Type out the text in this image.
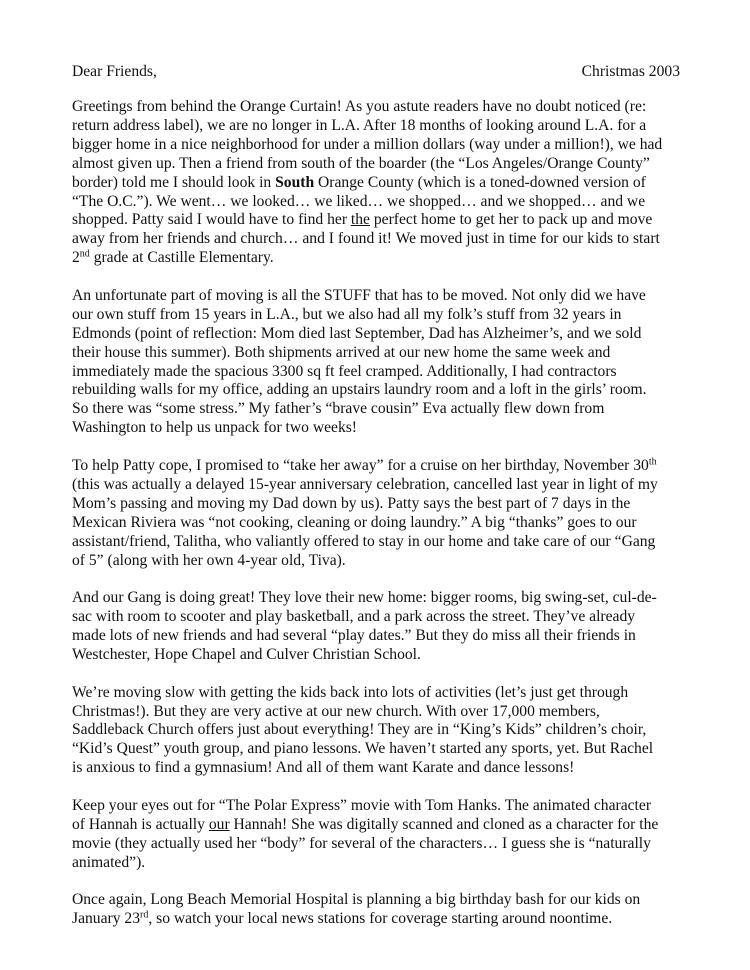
Dear Friends,	Christmas 2003

Greetings from behind the Orange Curtain! As you astute readers have no doubt noticed (re:
return address label), we are no longer in L.A. After 18 months of looking around L.A. for a
bigger home in a nice neighborhood for under a million dollars (way under a million!), we had
almost given up. Then a friend from south of the boarder (the “Los Angeles/Orange County”
border) told me I should look in South Orange County (which is a toned-downed version of
“The O.C.”). We went… we looked… we liked… we shopped… and we shopped… and we
shopped. Patty said I would have to find her the perfect home to get her to pack up and move
away from her friends and church… and I found it! We moved just in time for our kids to start
2nd grade at Castille Elementary.

An unfortunate part of moving is all the STUFF that has to be moved. Not only did we have
our own stuff from 15 years in L.A., but we also had all my folk’s stuff from 32 years in
Edmonds (point of reflection: Mom died last September, Dad has Alzheimer’s, and we sold
their house this summer). Both shipments arrived at our new home the same week and
immediately made the spacious 3300 sq ft feel cramped. Additionally, I had contractors
rebuilding walls for my office, adding an upstairs laundry room and a loft in the girls’ room.
So there was “some stress.” My father’s “brave cousin” Eva actually flew down from
Washington to help us unpack for two weeks!

To help Patty cope, I promised to “take her away” for a cruise on her birthday, November 30th
(this was actually a delayed 15-year anniversary celebration, cancelled last year in light of my
Mom’s passing and moving my Dad down by us). Patty says the best part of 7 days in the
Mexican Riviera was “not cooking, cleaning or doing laundry.” A big “thanks” goes to our
assistant/friend, Talitha, who valiantly offered to stay in our home and take care of our “Gang
of 5” (along with her own 4-year old, Tiva).

And our Gang is doing great! They love their new home: bigger rooms, big swing-set, cul-de-
sac with room to scooter and play basketball, and a park across the street. They’ve already
made lots of new friends and had several “play dates.” But they do miss all their friends in
Westchester, Hope Chapel and Culver Christian School.

We’re moving slow with getting the kids back into lots of activities (let’s just get through
Christmas!). But they are very active at our new church. With over 17,000 members,
Saddleback Church offers just about everything! They are in “King’s Kids” children’s choir,
“Kid’s Quest” youth group, and piano lessons. We haven’t started any sports, yet. But Rachel
is anxious to find a gymnasium! And all of them want Karate and dance lessons!

Keep your eyes out for “The Polar Express” movie with Tom Hanks. The animated character
of Hannah is actually our Hannah! She was digitally scanned and cloned as a character for the
movie (they actually used her “body” for several of the characters… I guess she is “naturally
animated”).

Once again, Long Beach Memorial Hospital is planning a big birthday bash for our kids on
January 23rd, so watch your local news stations for coverage starting around noontime.
